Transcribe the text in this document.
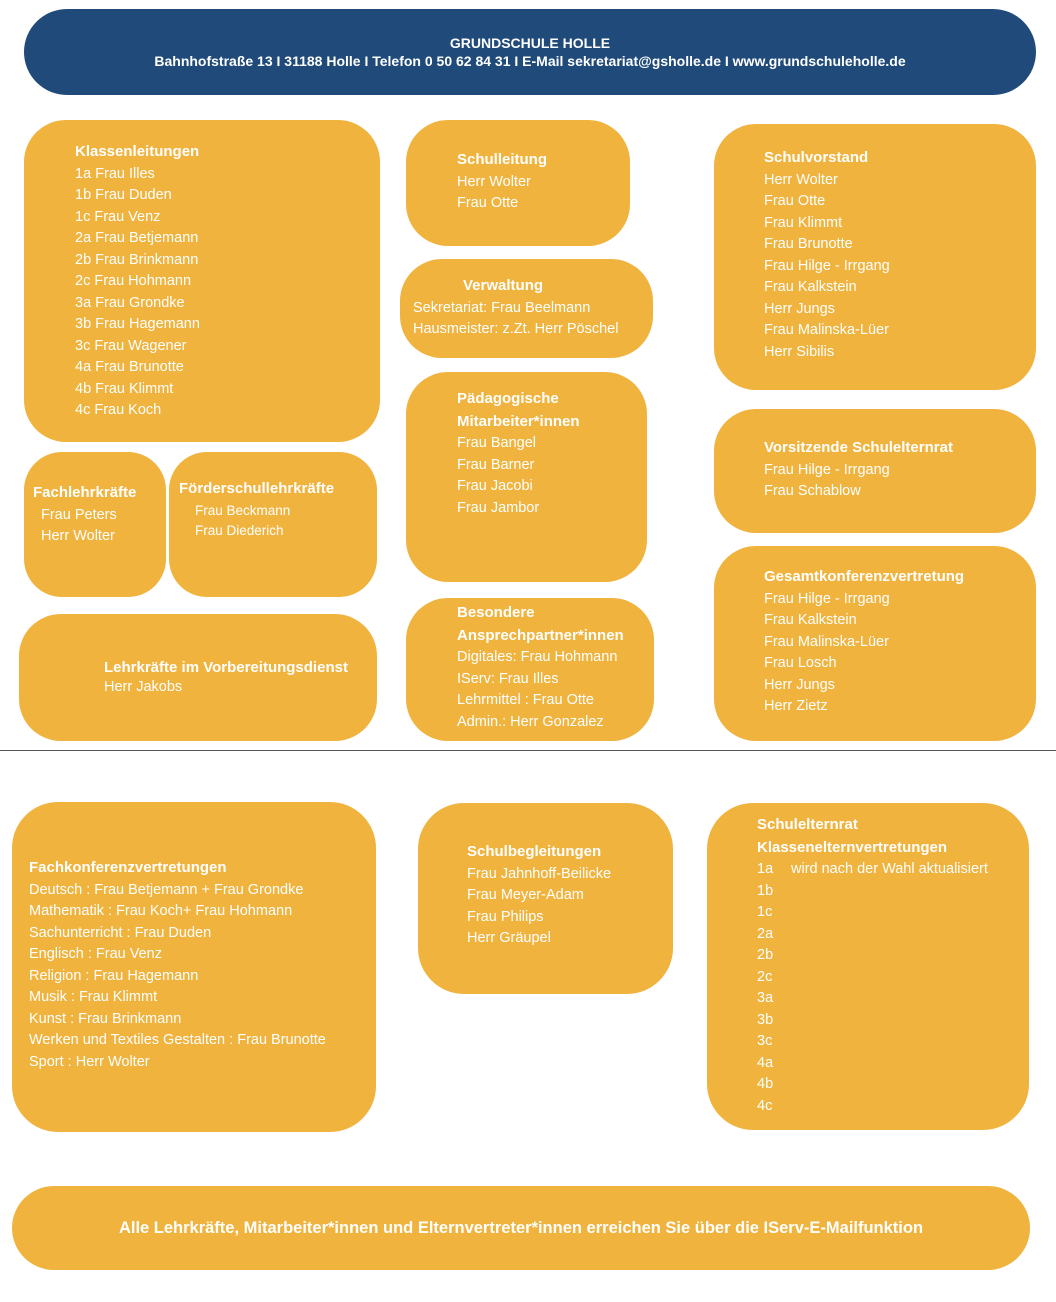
GRUNDSCHULE HOLLE
Bahnhofstraße 13 I 31188 Holle I Telefon 0 50 62 84 31 I E-Mail sekretariat@gsholle.de I www.grundschuleholle.de
Klassenleitungen
1a Frau Illes
1b Frau Duden
1c Frau Venz
2a Frau Betjemann
2b Frau Brinkmann
2c Frau Hohmann
3a Frau Grondke
3b Frau Hagemann
3c Frau Wagener
4a Frau Brunotte
4b Frau Klimmt
4c Frau Koch
Schulleitung
Herr Wolter
Frau Otte
Verwaltung
Sekretariat: Frau Beelmann
Hausmeister: z.Zt. Herr Pöschel
Pädagogische
Mitarbeiter*innen
Frau Bangel
Frau Barner
Frau Jacobi
Frau Jambor
Schulvorstand
Herr Wolter
Frau Otte
Frau Klimmt
Frau Brunotte
Frau Hilge - Irrgang
Frau Kalkstein
Herr Jungs
Frau Malinska-Lüer
Herr Sibilis
Fachlehrkräfte
Frau Peters
Herr Wolter
Förderschullehrkräfte
Frau Beckmann
Frau Diederich
Vorsitzende Schulelternrat
Frau Hilge - Irrgang
Frau Schablow
Lehrkräfte im Vorbereitungsdienst
Herr Jakobs
Besondere
Ansprechpartner*innen
Digitales: Frau Hohmann
IServ: Frau Illes
Lehrmittel : Frau Otte
Admin.: Herr Gonzalez
Gesamtkonferenzvertretung
Frau Hilge - Irrgang
Frau Kalkstein
Frau Malinska-Lüer
Frau Losch
Herr Jungs
Herr Zietz
Fachkonferenzvertretungen
Deutsch : Frau Betjemann + Frau Grondke
Mathematik : Frau Koch+ Frau Hohmann
Sachunterricht : Frau Duden
Englisch : Frau Venz
Religion : Frau Hagemann
Musik : Frau Klimmt
Kunst : Frau Brinkmann
Werken und Textiles Gestalten : Frau Brunotte
Sport : Herr Wolter
Schulbegleitungen
Frau Jahnhoff-Beilicke
Frau Meyer-Adam
Frau Philips
Herr Gräupel
Schulelternrat
Klassenelternvertretungen
1a wird nach der Wahl aktualisiert
1b
1c
2a
2b
2c
3a
3b
3c
4a
4b
4c
Alle Lehrkräfte, Mitarbeiter*innen und Elternvertreter*innen erreichen Sie über die IServ-E-Mailfunktion
